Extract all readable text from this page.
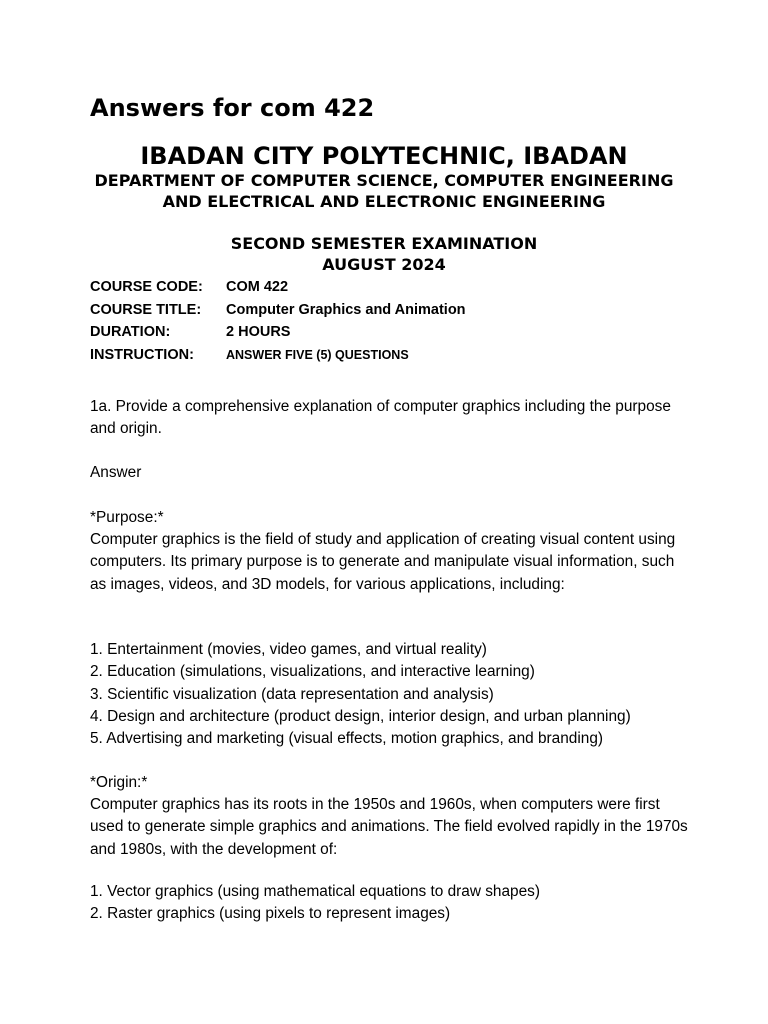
Answers for com 422
IBADAN CITY POLYTECHNIC, IBADAN
DEPARTMENT OF COMPUTER SCIENCE, COMPUTER ENGINEERING AND ELECTRICAL AND ELECTRONIC ENGINEERING
SECOND SEMESTER EXAMINATION
AUGUST 2024
COURSE CODE:	COM 422
COURSE TITLE:	Computer Graphics and Animation
DURATION:	2 HOURS
INSTRUCTION:	ANSWER FIVE (5) QUESTIONS

1a. Provide a comprehensive explanation of computer graphics including the purpose and origin.

Answer

*Purpose:*

Computer graphics is the field of study and application of creating visual content using computers. Its primary purpose is to generate and manipulate visual information, such as images, videos, and 3D models, for various applications, including:

1. Entertainment (movies, video games, and virtual reality)
2. Education (simulations, visualizations, and interactive learning)
3. Scientific visualization (data representation and analysis)
4. Design and architecture (product design, interior design, and urban planning)
5. Advertising and marketing (visual effects, motion graphics, and branding)

*Origin:*

Computer graphics has its roots in the 1950s and 1960s, when computers were first used to generate simple graphics and animations. The field evolved rapidly in the 1970s and 1980s, with the development of:

1. Vector graphics (using mathematical equations to draw shapes)
2. Raster graphics (using pixels to represent images)
